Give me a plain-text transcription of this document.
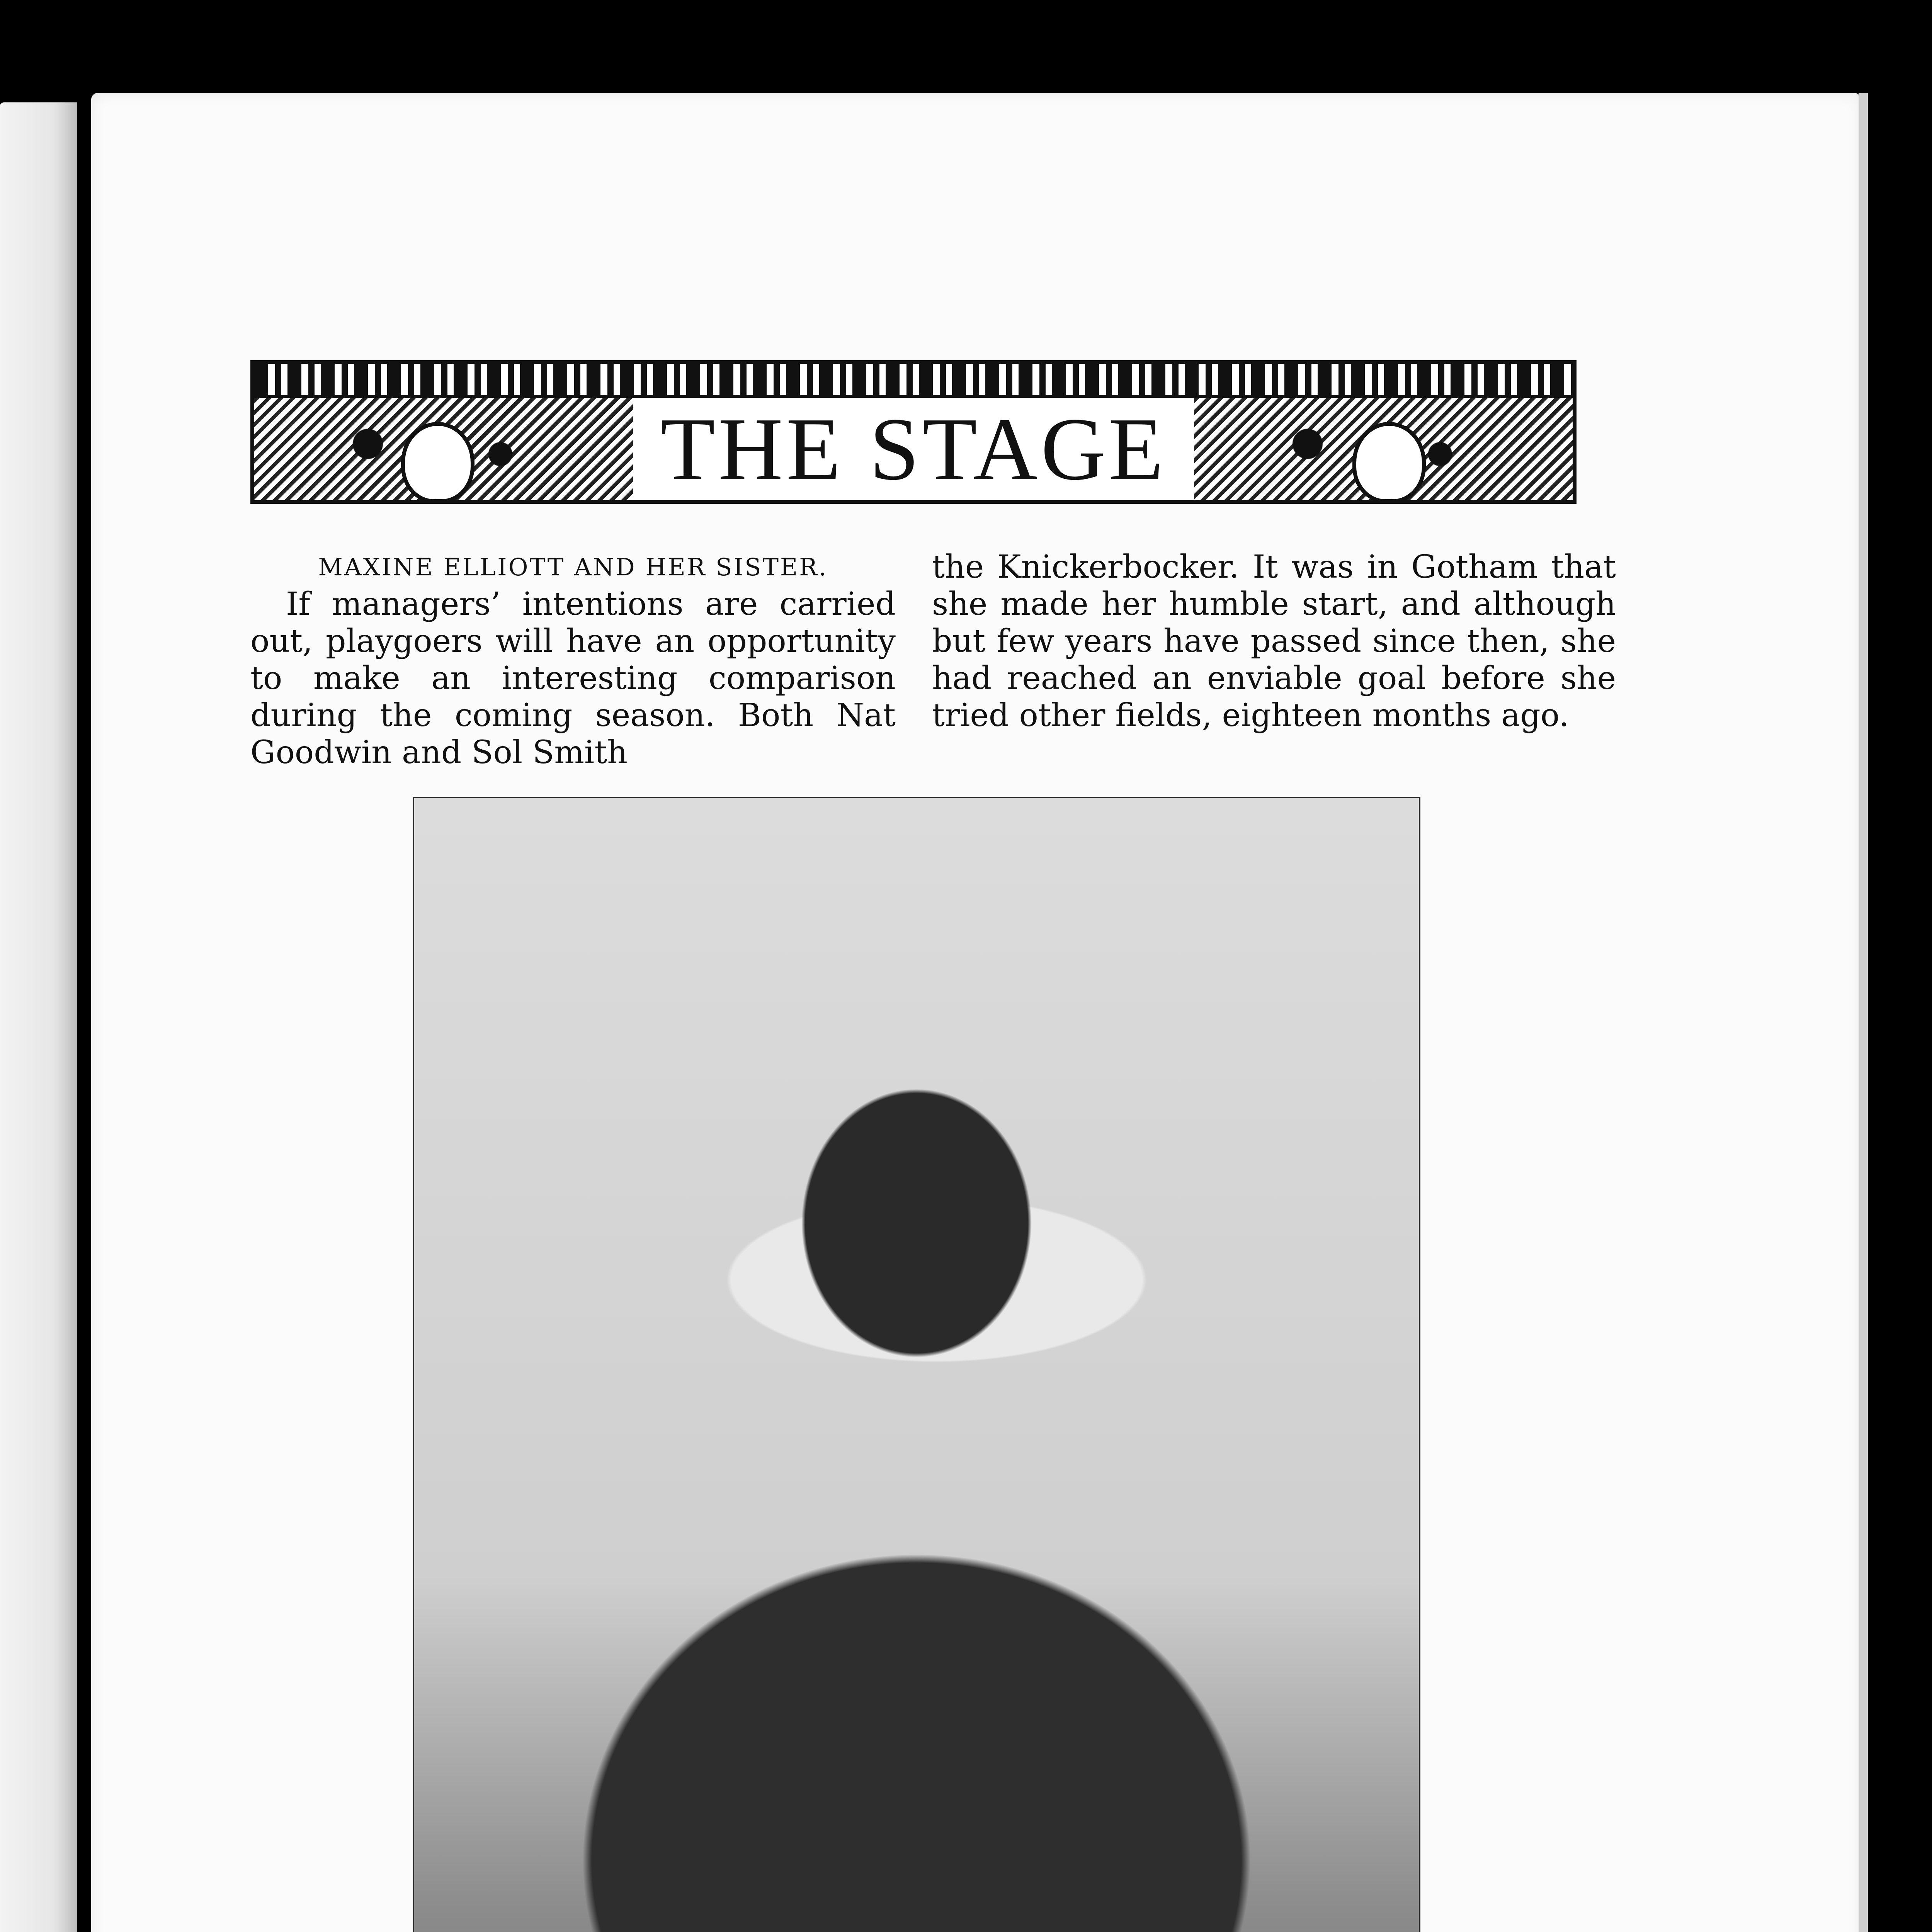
THE STAGE

MAXINE ELLIOTT AND HER SISTER.

If managers’ intentions are carried out, playgoers will have an opportunity to make an interesting comparison during the coming season. Both Nat Goodwin and Sol Smith

the Knickerbocker. It was in Gotham that she made her humble start, and although but few years have passed since then, she had reached an enviable goal before she tried other fields, eighteen months ago.
